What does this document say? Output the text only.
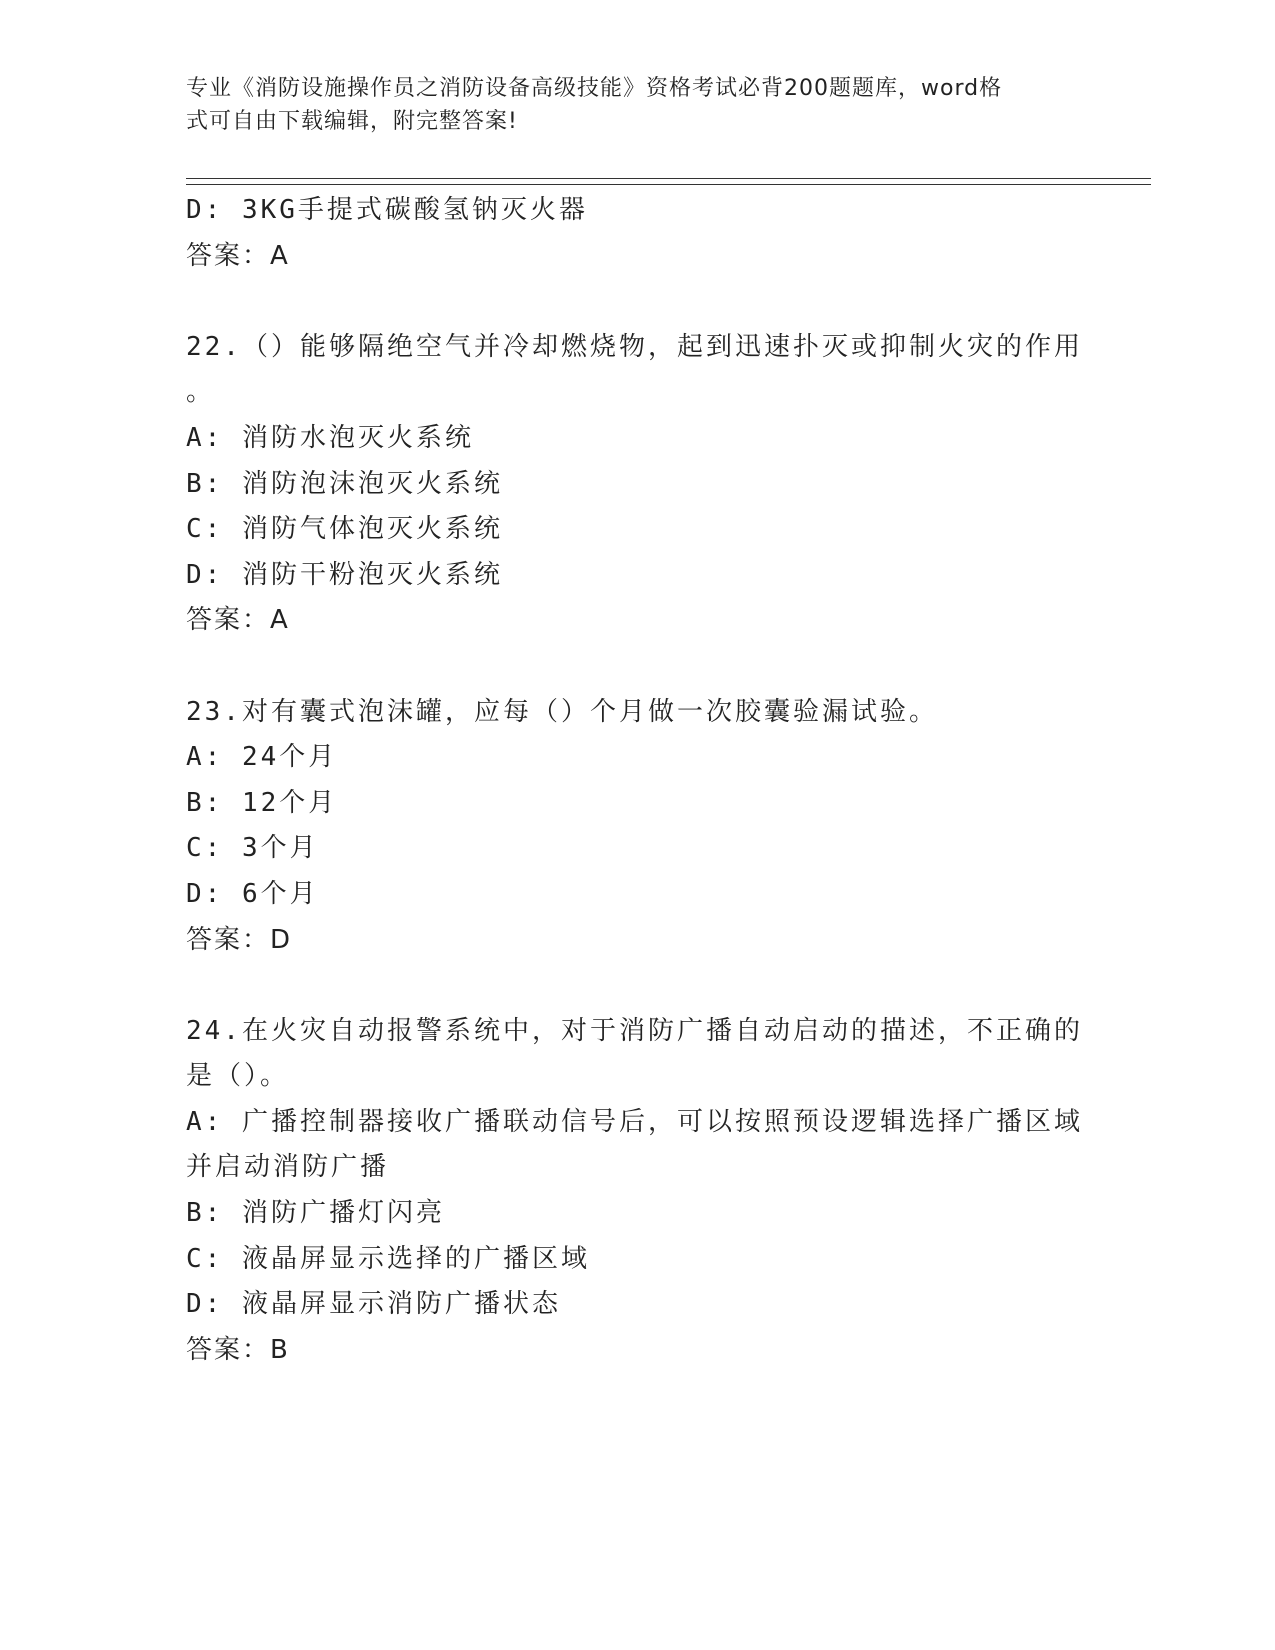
专业《消防设施操作员之消防设备高级技能》资格考试必背200题题库，word格
式可自由下载编辑，附完整答案!
D: 3KG手提式碳酸氢钠灭火器
答案：A
22.（）能够隔绝空气并冷却燃烧物，起到迅速扑灭或抑制火灾的作用
。
A: 消防水泡灭火系统
B: 消防泡沫泡灭火系统
C: 消防气体泡灭火系统
D: 消防干粉泡灭火系统
答案：A
23.对有囊式泡沫罐，应每（）个月做一次胶囊验漏试验。
A: 24个月
B: 12个月
C: 3个月
D: 6个月
答案：D
24.在火灾自动报警系统中，对于消防广播自动启动的描述，不正确的
是（）。
A: 广播控制器接收广播联动信号后，可以按照预设逻辑选择广播区域
并启动消防广播
B: 消防广播灯闪亮
C: 液晶屏显示选择的广播区域
D: 液晶屏显示消防广播状态
答案：B
